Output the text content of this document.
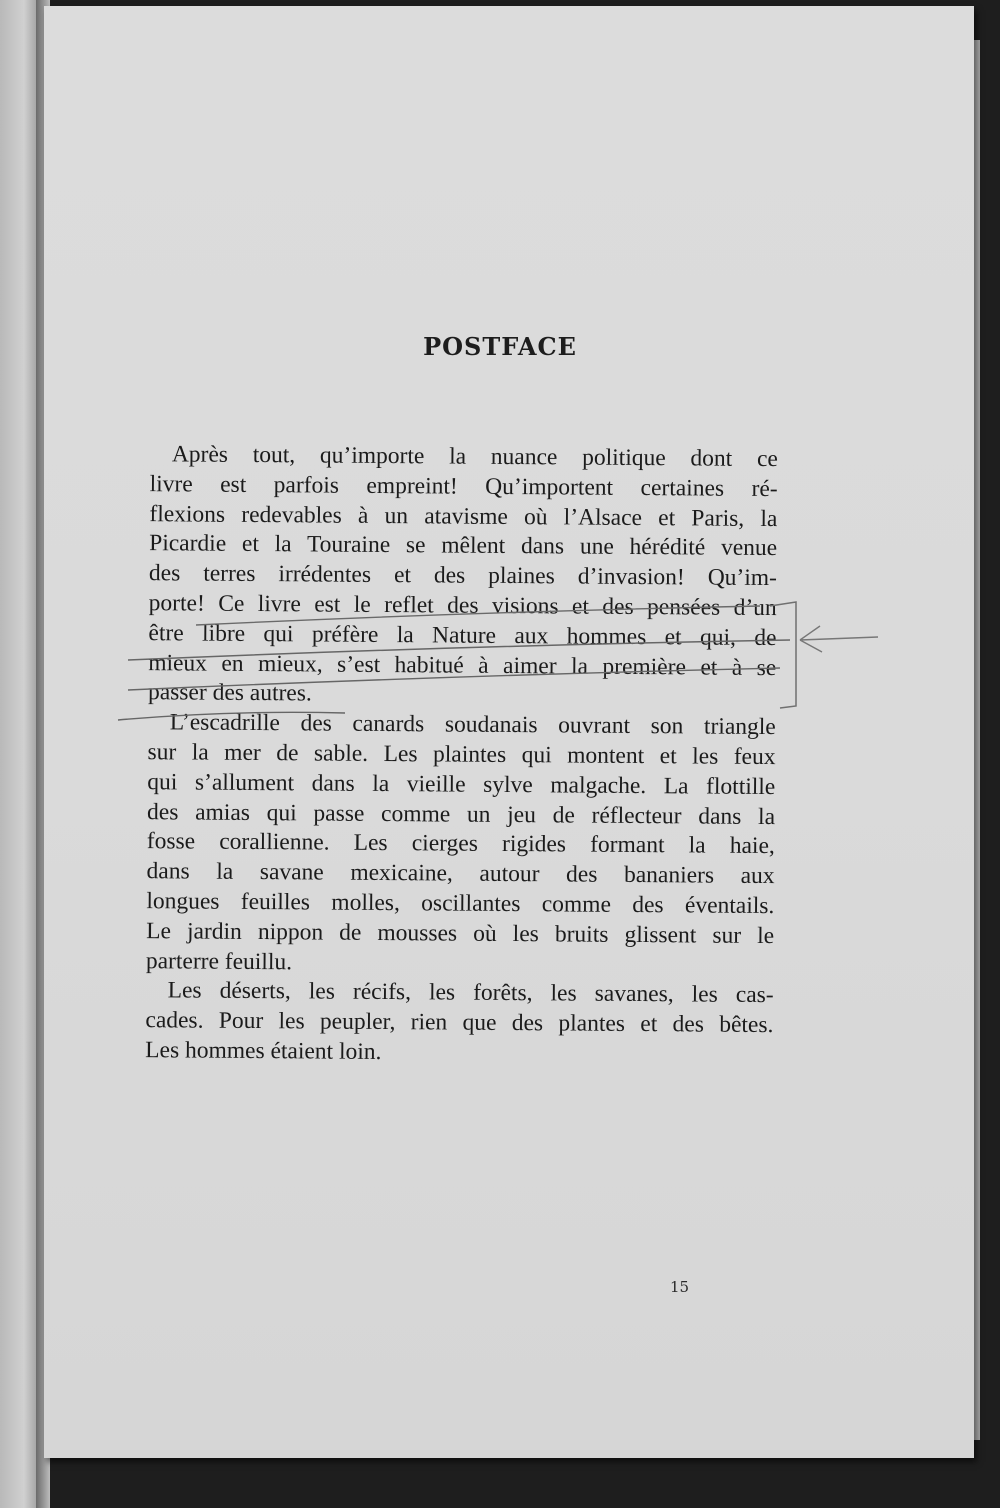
POSTFACE

Après tout, qu’importe la nuance politique dont ce
livre est parfois empreint! Qu’importent certaines ré-
flexions redevables à un atavisme où l’Alsace et Paris, la
Picardie et la Touraine se mêlent dans une hérédité venue
des terres irrédentes et des plaines d’invasion! Qu’im-
porte! Ce livre est le reflet des visions et des pensées d’un
être libre qui préfère la Nature aux hommes et qui, de
mieux en mieux, s’est habitué à aimer la première et à se
passer des autres.

L’escadrille des canards soudanais ouvrant son triangle
sur la mer de sable. Les plaintes qui montent et les feux
qui s’allument dans la vieille sylve malgache. La flottille
des amias qui passe comme un jeu de réflecteur dans la
fosse corallienne. Les cierges rigides formant la haie,
dans la savane mexicaine, autour des bananiers aux
longues feuilles molles, oscillantes comme des éventails.
Le jardin nippon de mousses où les bruits glissent sur le
parterre feuillu.

Les déserts, les récifs, les forêts, les savanes, les cas-
cades. Pour les peupler, rien que des plantes et des bêtes.
Les hommes étaient loin.

15
